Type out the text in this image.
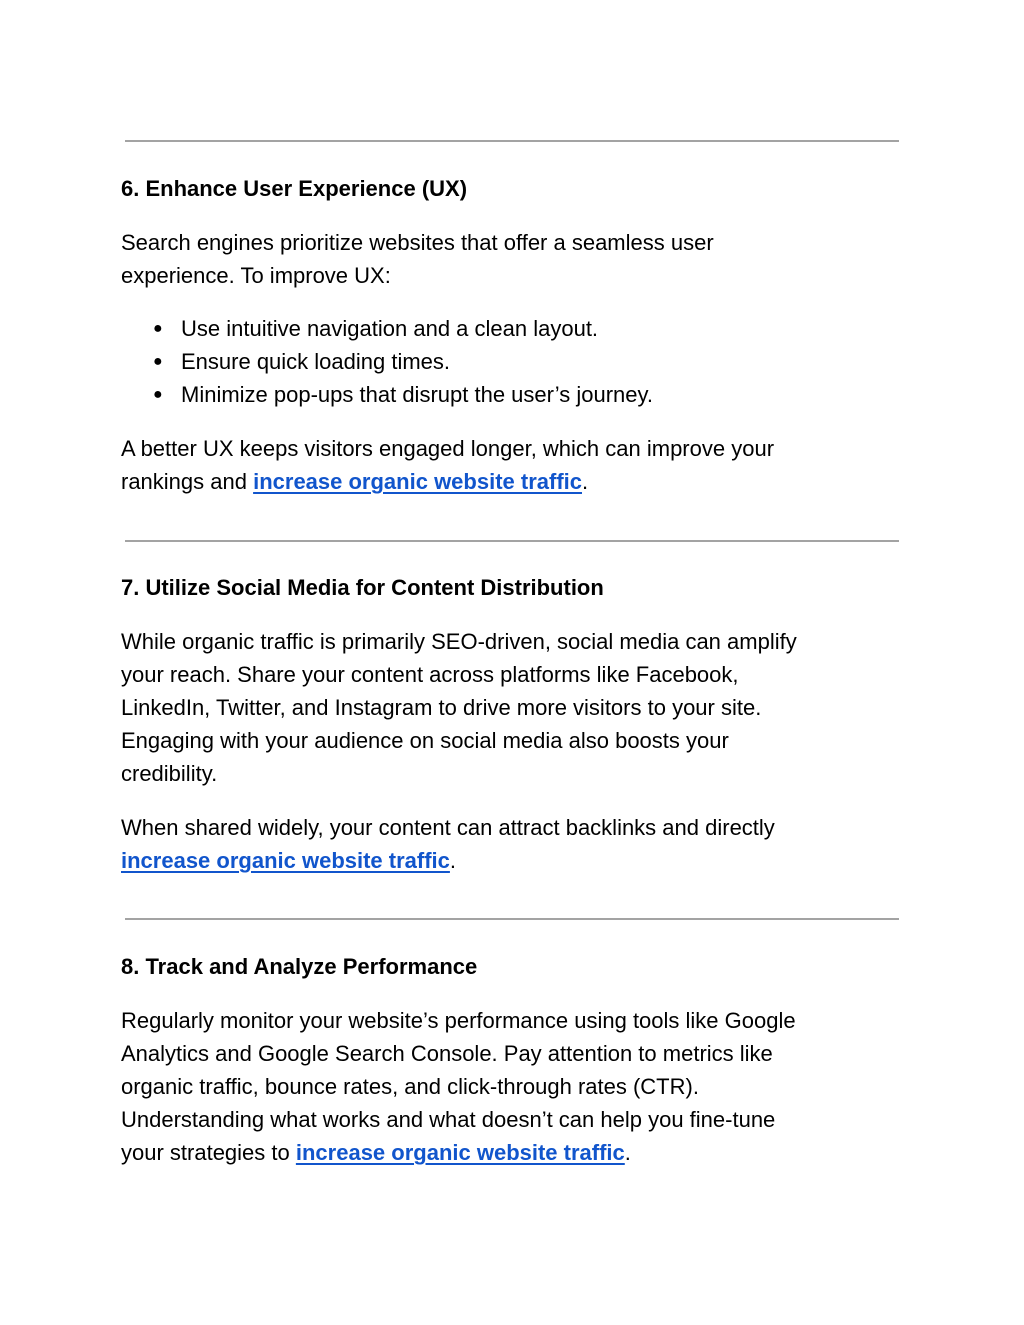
6. Enhance User Experience (UX)

Search engines prioritize websites that offer a seamless user
experience. To improve UX:

● Use intuitive navigation and a clean layout.
● Ensure quick loading times.
● Minimize pop-ups that disrupt the user’s journey.

A better UX keeps visitors engaged longer, which can improve your
rankings and increase organic website traffic.

7. Utilize Social Media for Content Distribution

While organic traffic is primarily SEO-driven, social media can amplify
your reach. Share your content across platforms like Facebook,
LinkedIn, Twitter, and Instagram to drive more visitors to your site.
Engaging with your audience on social media also boosts your
credibility.

When shared widely, your content can attract backlinks and directly
increase organic website traffic.

8. Track and Analyze Performance

Regularly monitor your website’s performance using tools like Google
Analytics and Google Search Console. Pay attention to metrics like
organic traffic, bounce rates, and click-through rates (CTR).
Understanding what works and what doesn’t can help you fine-tune
your strategies to increase organic website traffic.
